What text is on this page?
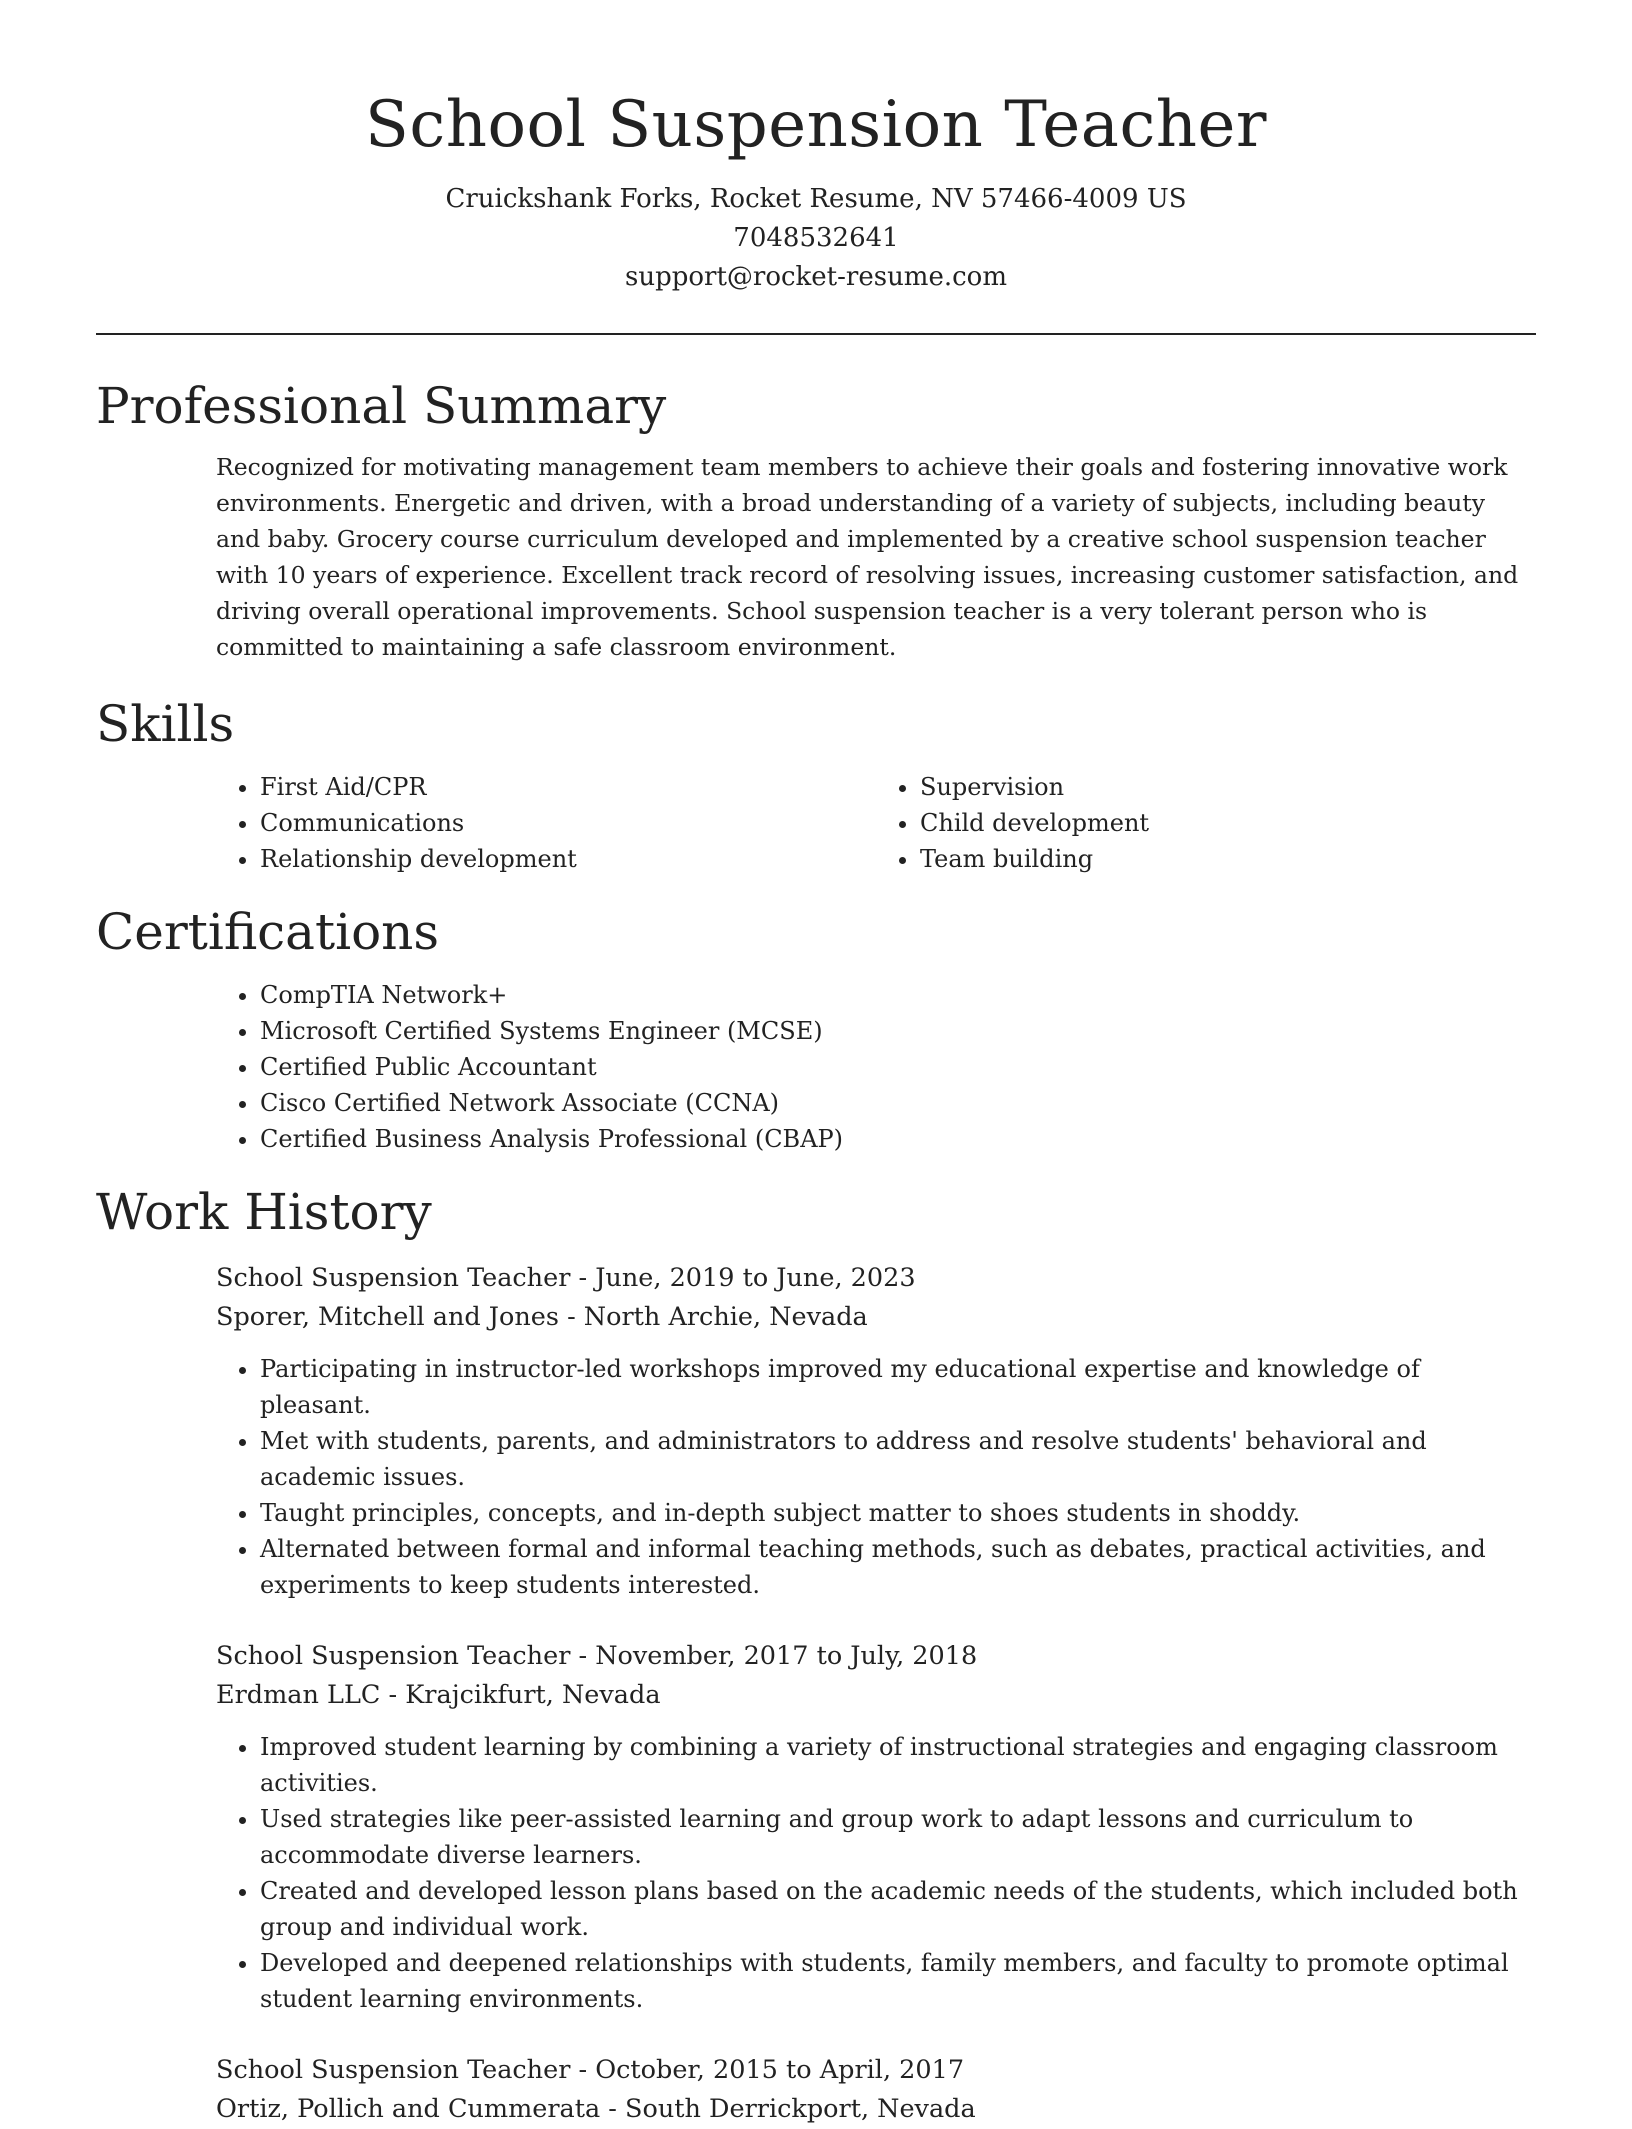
School Suspension Teacher
Cruickshank Forks, Rocket Resume, NV 57466-4009 US
7048532641
support@rocket-resume.com
Professional Summary

Recognized for motivating management team members to achieve their goals and fostering innovative work environments. Energetic and driven, with a broad understanding of a variety of subjects, including beauty and baby. Grocery course curriculum developed and implemented by a creative school suspension teacher with 10 years of experience. Excellent track record of resolving issues, increasing customer satisfaction, and driving overall operational improvements. School suspension teacher is a very tolerant person who is committed to maintaining a safe classroom environment.

Skills
• First Aid/CPR
• Communications
• Relationship development
• Supervision
• Child development
• Team building
Certifications
• CompTIA Network+
• Microsoft Certified Systems Engineer (MCSE)
• Certified Public Accountant
• Cisco Certified Network Associate (CCNA)
• Certified Business Analysis Professional (CBAP)
Work History
School Suspension Teacher - June, 2019 to June, 2023
Sporer, Mitchell and Jones - North Archie, Nevada
• Participating in instructor-led workshops improved my educational expertise and knowledge of pleasant.
• Met with students, parents, and administrators to address and resolve students' behavioral and academic issues.
• Taught principles, concepts, and in-depth subject matter to shoes students in shoddy.
• Alternated between formal and informal teaching methods, such as debates, practical activities, and experiments to keep students interested.
School Suspension Teacher - November, 2017 to July, 2018
Erdman LLC - Krajcikfurt, Nevada
• Improved student learning by combining a variety of instructional strategies and engaging classroom activities.
• Used strategies like peer-assisted learning and group work to adapt lessons and curriculum to accommodate diverse learners.
• Created and developed lesson plans based on the academic needs of the students, which included both group and individual work.
• Developed and deepened relationships with students, family members, and faculty to promote optimal student learning environments.
School Suspension Teacher - October, 2015 to April, 2017
Ortiz, Pollich and Cummerata - South Derrickport, Nevada
